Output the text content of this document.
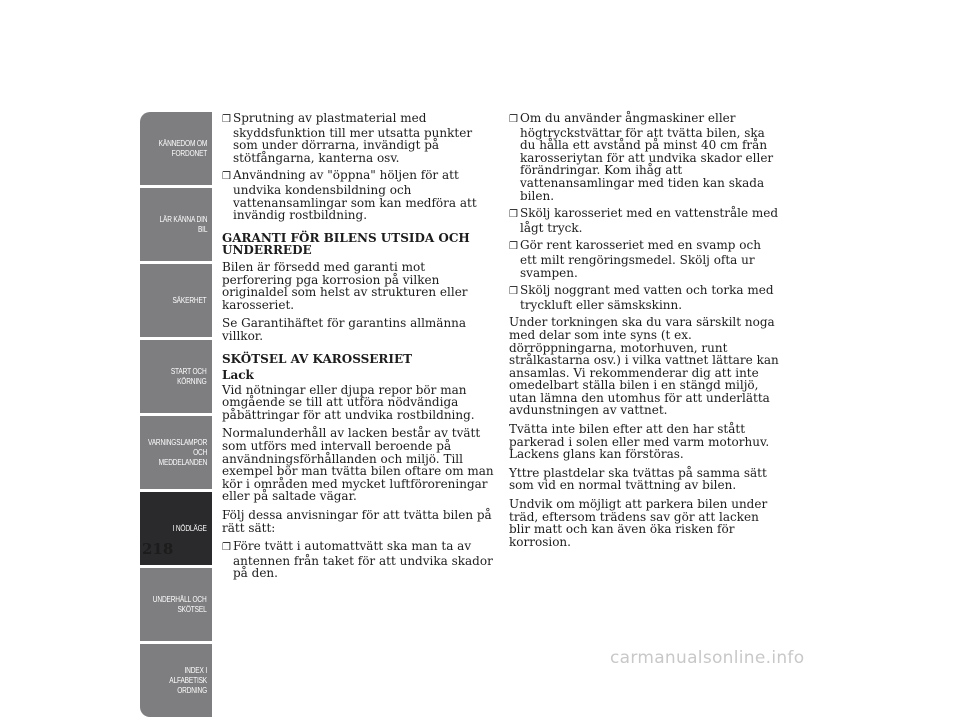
KÄNNEDOM OM
FORDONET
LÄR KÄNNA DIN
BIL
SÄKERHET
START OCH
KÖRNING
VARNINGSLAMPOR
OCH
MEDDELANDEN
I NÖDLÄGE
UNDERHÅLL OCH
SKÖTSEL
INDEX I
ALFABETISK
ORDNING
218

❒ Sprutning av plastmaterial med skyddsfunktion till mer utsatta punkter som under dörrarna, invändigt på stötfångarna, kanterna osv.

❒ Användning av "öppna" höljen för att undvika kondensbildning och vattenansamlingar som kan medföra att invändig rostbildning.

GARANTI FÖR BILENS UTSIDA OCH UNDERREDE

Bilen är försedd med garanti mot perforering pga korrosion på vilken originaldel som helst av strukturen eller karosseriet.

Se Garantihäftet för garantins allmänna villkor.

SKÖTSEL AV KAROSSERIET
Lack

Vid nötningar eller djupa repor bör man omgående se till att utföra nödvändiga påbättringar för att undvika rostbildning.

Normalunderhåll av lacken består av tvätt som utförs med intervall beroende på användningsförhållanden och miljö. Till exempel bör man tvätta bilen oftare om man kör i områden med mycket luftföroreningar eller på saltade vägar.

Följ dessa anvisningar för att tvätta bilen på rätt sätt:

❒ Före tvätt i automattvätt ska man ta av antennen från taket för att undvika skador på den.

❒ Om du använder ångmaskiner eller högtryckstvättar för att tvätta bilen, ska du hålla ett avstånd på minst 40 cm från karosseriytan för att undvika skador eller förändringar. Kom ihåg att vattenansamlingar med tiden kan skada bilen.

❒ Skölj karosseriet med en vattenstråle med lågt tryck.

❒ Gör rent karosseriet med en svamp och ett milt rengöringsmedel. Skölj ofta ur svampen.

❒ Skölj noggrant med vatten och torka med tryckluft eller sämskskinn.

Under torkningen ska du vara särskilt noga med delar som inte syns (t ex. dörröppningarna, motorhuven, runt strålkastarna osv.) i vilka vattnet lättare kan ansamlas. Vi rekommenderar dig att inte omedelbart ställa bilen i en stängd miljö, utan lämna den utomhus för att underlätta avdunstningen av vattnet.

Tvätta inte bilen efter att den har stått parkerad i solen eller med varm motorhuv. Lackens glans kan förstöras.

Yttre plastdelar ska tvättas på samma sätt som vid en normal tvättning av bilen.

Undvik om möjligt att parkera bilen under träd, eftersom trädens sav gör att lacken blir matt och kan även öka risken för korrosion.

carmanualsonline.info
